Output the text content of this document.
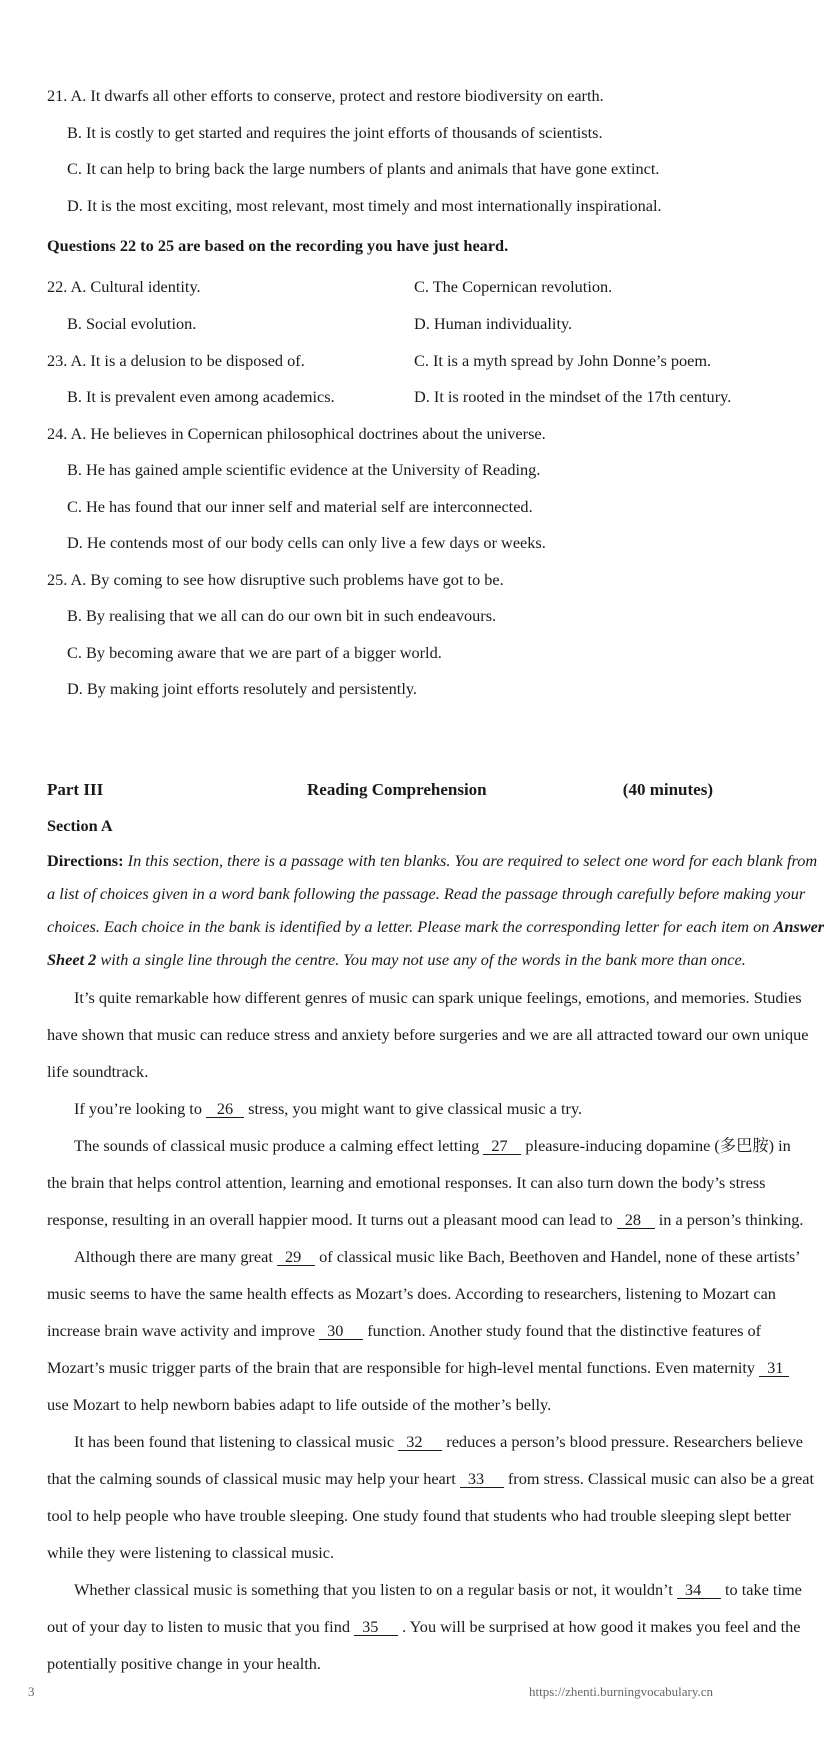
21. A. It dwarfs all other efforts to conserve, protect and restore biodiversity on earth.
B. It is costly to get started and requires the joint efforts of thousands of scientists.
C. It can help to bring back the large numbers of plants and animals that have gone extinct.
D. It is the most exciting, most relevant, most timely and most internationally inspirational.
Questions 22 to 25 are based on the recording you have just heard.
22. A. Cultural identity.	C. The Copernican revolution.
B. Social evolution.	D. Human individuality.
23. A. It is a delusion to be disposed of.	C. It is a myth spread by John Donne’s poem.
B. It is prevalent even among academics.	D. It is rooted in the mindset of the 17th century.
24. A. He believes in Copernican philosophical doctrines about the universe.
B. He has gained ample scientific evidence at the University of Reading.
C. He has found that our inner self and material self are interconnected.
D. He contends most of our body cells can only live a few days or weeks.
25. A. By coming to see how disruptive such problems have got to be.
B. By realising that we all can do our own bit in such endeavours.
C. By becoming aware that we are part of a bigger world.
D. By making joint efforts resolutely and persistently.
Part III	Reading Comprehension	(40 minutes)
Section A
Directions: In this section, there is a passage with ten blanks. You are required to select one word for each blank from
a list of choices given in a word bank following the passage. Read the passage through carefully before making your
choices. Each choice in the bank is identified by a letter. Please mark the corresponding letter for each item on Answer
Sheet 2 with a single line through the centre. You may not use any of the words in the bank more than once.
It’s quite remarkable how different genres of music can spark unique feelings, emotions, and memories. Studies
have shown that music can reduce stress and anxiety before surgeries and we are all attracted toward our own unique
life soundtrack.
If you’re looking to 26 stress, you might want to give classical music a try.
The sounds of classical music produce a calming effect letting 27 pleasure-inducing dopamine (多巴胺) in
the brain that helps control attention, learning and emotional responses. It can also turn down the body’s stress
response, resulting in an overall happier mood. It turns out a pleasant mood can lead to 28 in a person’s thinking.
Although there are many great 29 of classical music like Bach, Beethoven and Handel, none of these artists’
music seems to have the same health effects as Mozart’s does. According to researchers, listening to Mozart can
increase brain wave activity and improve 30 function. Another study found that the distinctive features of
Mozart’s music trigger parts of the brain that are responsible for high-level mental functions. Even maternity 31
use Mozart to help newborn babies adapt to life outside of the mother’s belly.
It has been found that listening to classical music 32 reduces a person’s blood pressure. Researchers believe
that the calming sounds of classical music may help your heart 33 from stress. Classical music can also be a great
tool to help people who have trouble sleeping. One study found that students who had trouble sleeping slept better
while they were listening to classical music.
Whether classical music is something that you listen to on a regular basis or not, it wouldn’t 34 to take time
out of your day to listen to music that you find 35 . You will be surprised at how good it makes you feel and the
potentially positive change in your health.
3	https://zhenti.burningvocabulary.cn
